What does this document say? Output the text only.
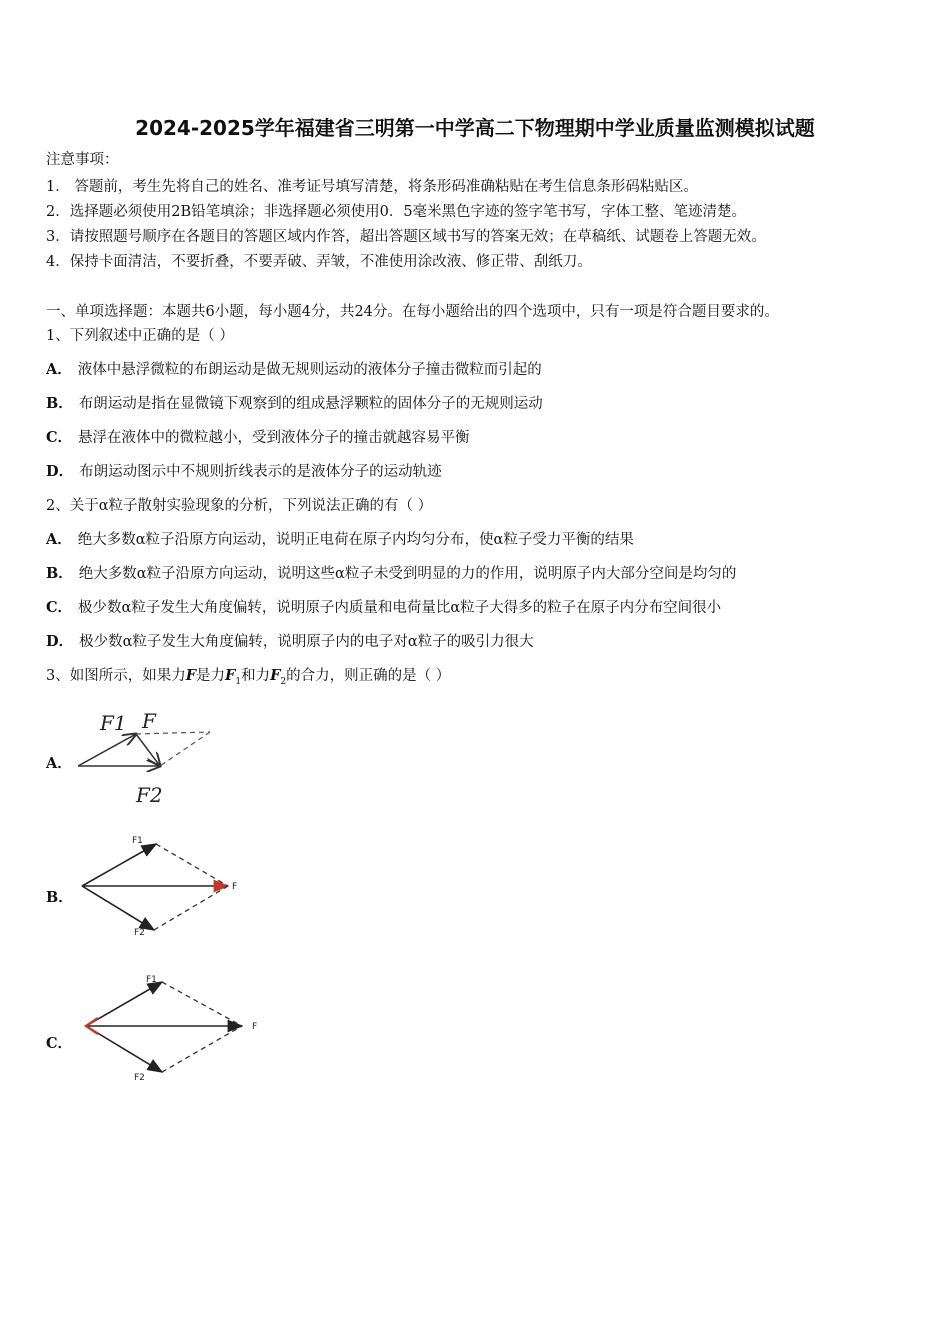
2024-2025学年福建省三明第一中学高二下物理期中学业质量监测模拟试题
注意事项：
1． 答题前，考生先将自己的姓名、准考证号填写清楚，将条形码准确粘贴在考生信息条形码粘贴区。
2．选择题必须使用2B铅笔填涂；非选择题必须使用0．5毫米黑色字迹的签字笔书写，字体工整、笔迹清楚。
3．请按照题号顺序在各题目的答题区域内作答，超出答题区域书写的答案无效；在草稿纸、试题卷上答题无效。
4．保持卡面清洁，不要折叠，不要弄破、弄皱，不准使用涂改液、修正带、刮纸刀。
一、单项选择题：本题共6小题，每小题4分，共24分。在每小题给出的四个选项中，只有一项是符合题目要求的。
1、下列叙述中正确的是（ ）
A． 液体中悬浮微粒的布朗运动是做无规则运动的液体分子撞击微粒而引起的
B． 布朗运动是指在显微镜下观察到的组成悬浮颗粒的固体分子的无规则运动
C． 悬浮在液体中的微粒越小，受到液体分子的撞击就越容易平衡
D． 布朗运动图示中不规则折线表示的是液体分子的运动轨迹
2、关于α粒子散射实验现象的分析，下列说法正确的有（ ）
A． 绝大多数α粒子沿原方向运动，说明正电荷在原子内均匀分布，使α粒子受力平衡的结果
B． 绝大多数α粒子沿原方向运动，说明这些α粒子未受到明显的力的作用，说明原子内大部分空间是均匀的
C． 极少数α粒子发生大角度偏转，说明原子内质量和电荷量比α粒子大得多的粒子在原子内分布空间很小
D． 极少数α粒子发生大角度偏转，说明原子内的电子对α粒子的吸引力很大
3、如图所示，如果力F是力$F_1$和力$F_2$的合力，则正确的是（ ）
A．
F1 F
F2
B．
F1
F
F2
C．
F1
F
F2
